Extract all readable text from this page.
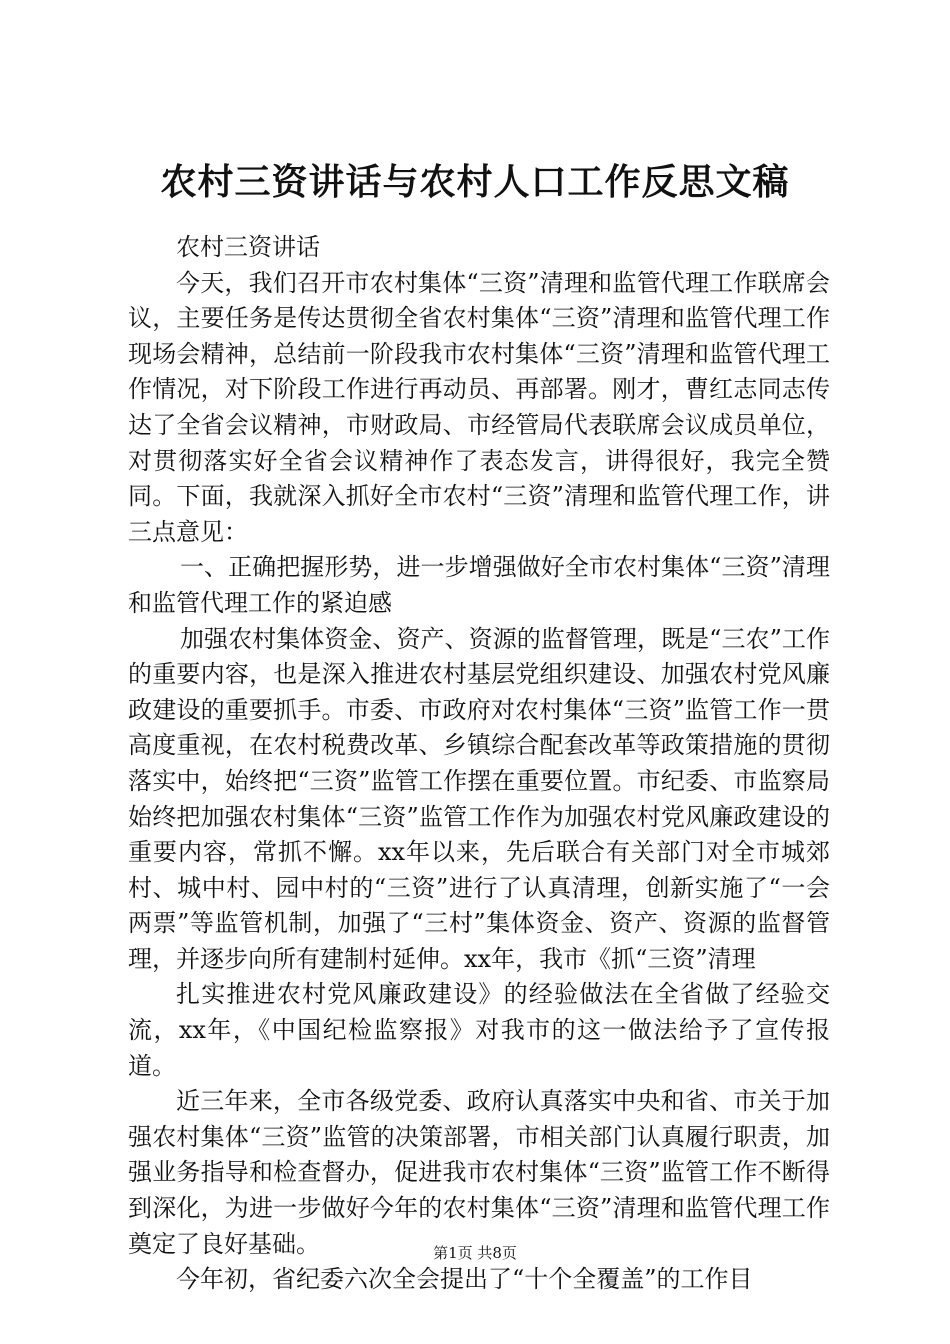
农村三资讲话与农村人口工作反思文稿

农村三资讲话

今天，我们召开市农村集体“三资”清理和监管代理工作联席会议，主要任务是传达贯彻全省农村集体“三资”清理和监管代理工作现场会精神，总结前一阶段我市农村集体“三资”清理和监管代理工作情况，对下阶段工作进行再动员、再部署。刚才，曹红志同志传达了全省会议精神，市财政局、市经管局代表联席会议成员单位，对贯彻落实好全省会议精神作了表态发言，讲得很好，我完全赞同。下面，我就深入抓好全市农村“三资”清理和监管代理工作，讲三点意见：

一、正确把握形势，进一步增强做好全市农村集体“三资”清理和监管代理工作的紧迫感

加强农村集体资金、资产、资源的监督管理，既是“三农”工作的重要内容，也是深入推进农村基层党组织建设、加强农村党风廉政建设的重要抓手。市委、市政府对农村集体“三资”监管工作一贯高度重视，在农村税费改革、乡镇综合配套改革等政策措施的贯彻落实中，始终把“三资”监管工作摆在重要位置。市纪委、市监察局始终把加强农村集体“三资”监管工作作为加强农村党风廉政建设的重要内容，常抓不懈。xx年以来，先后联合有关部门对全市城郊村、城中村、园中村的“三资”进行了认真清理，创新实施了“一会两票”等监管机制，加强了“三村”集体资金、资产、资源的监督管理，并逐步向所有建制村延伸。xx年，我市《抓“三资”清理

扎实推进农村党风廉政建设》的经验做法在全省做了经验交流，xx年，《中国纪检监察报》对我市的这一做法给予了宣传报道。

近三年来，全市各级党委、政府认真落实中央和省、市关于加强农村集体“三资”监管的决策部署，市相关部门认真履行职责，加强业务指导和检查督办，促进我市农村集体“三资”监管工作不断得到深化，为进一步做好今年的农村集体“三资”清理和监管代理工作奠定了良好基础。

今年初，省纪委六次全会提出了“十个全覆盖”的工作目

第1页 共8页
